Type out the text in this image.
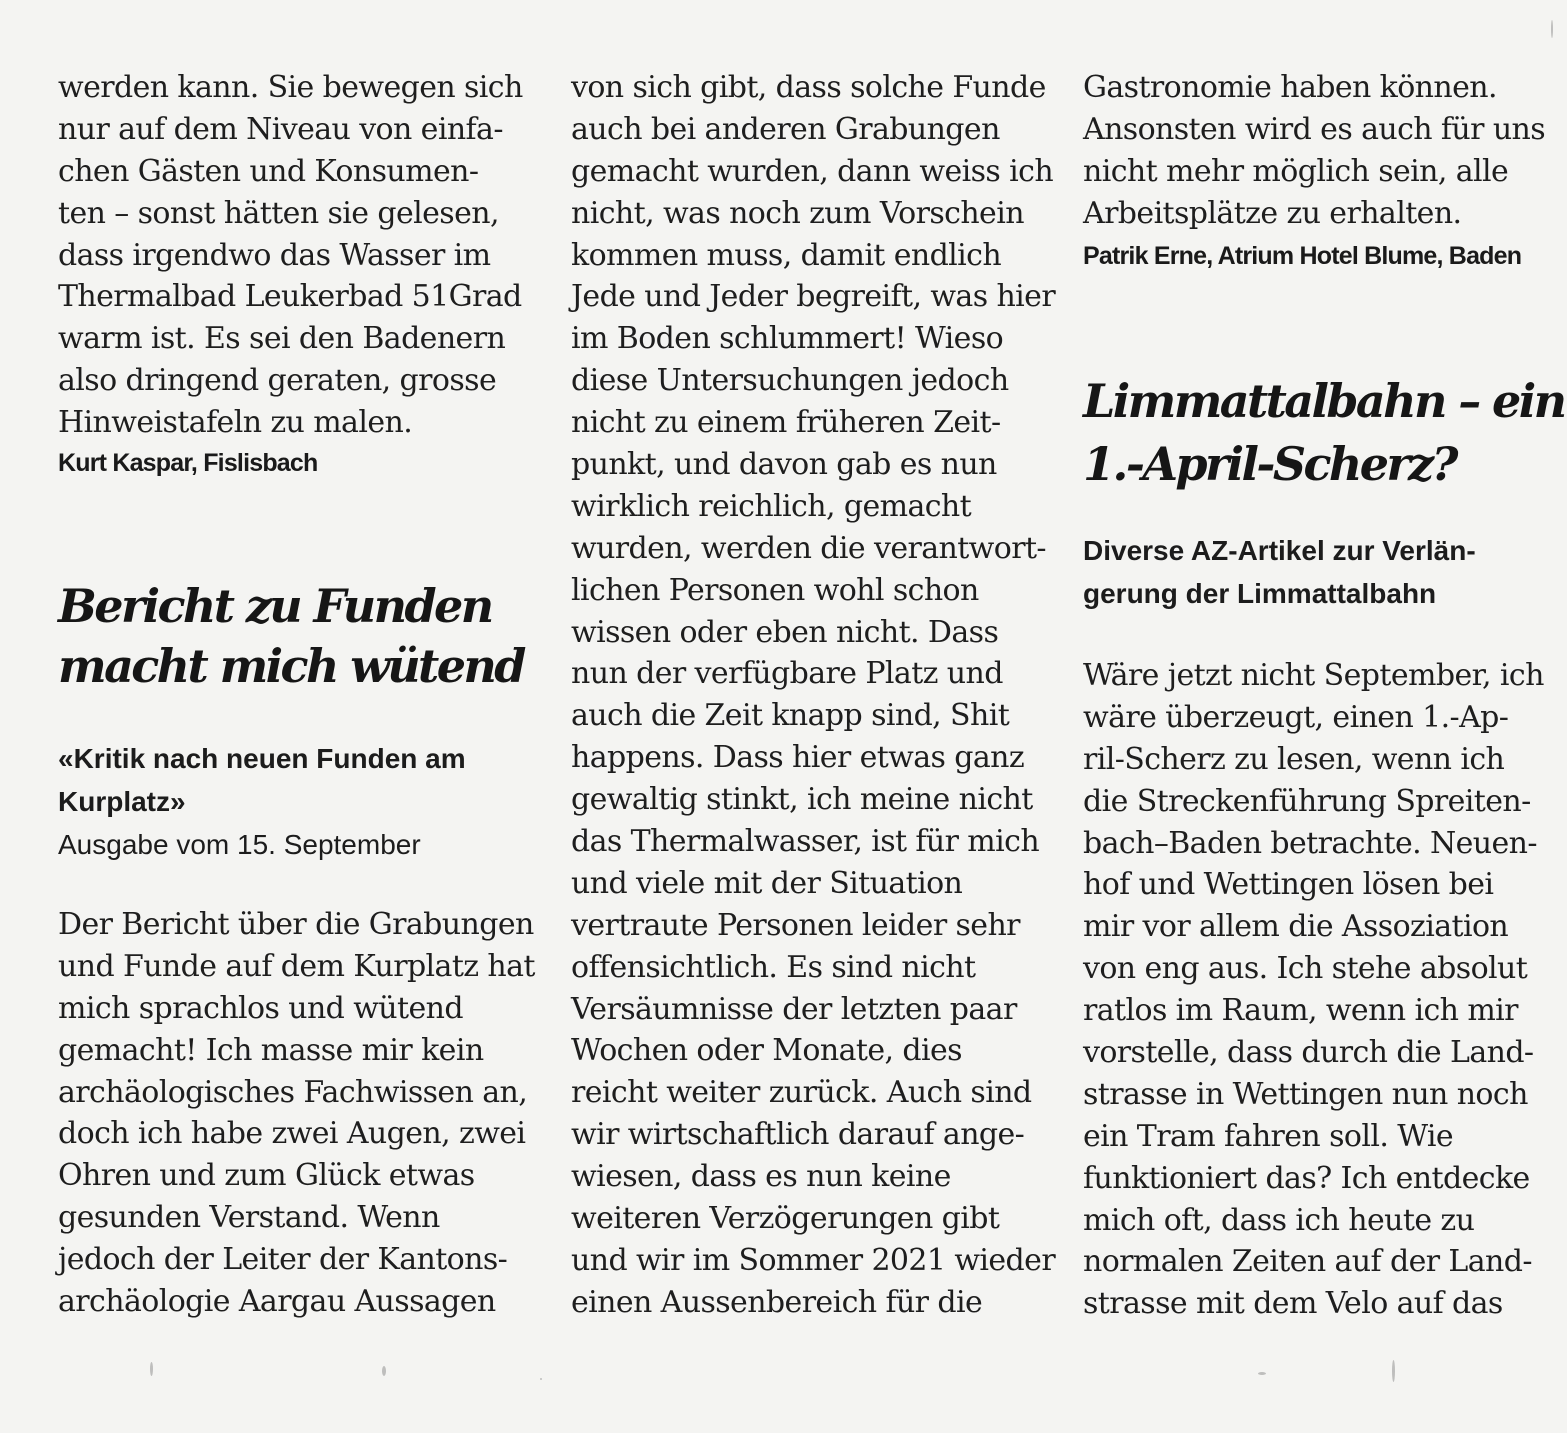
werden kann. Sie bewegen sich
nur auf dem Niveau von einfa-
chen Gästen und Konsumen-
ten – sonst hätten sie gelesen,
dass irgendwo das Wasser im
Thermalbad Leukerbad 51Grad
warm ist. Es sei den Badenern
also dringend geraten, grosse
Hinweistafeln zu malen.
Kurt Kaspar, Fislisbach
Bericht zu Funden
macht mich wütend
«Kritik nach neuen Funden am
Kurplatz»
Ausgabe vom 15. September
Der Bericht über die Grabungen
und Funde auf dem Kurplatz hat
mich sprachlos und wütend
gemacht! Ich masse mir kein
archäologisches Fachwissen an,
doch ich habe zwei Augen, zwei
Ohren und zum Glück etwas
gesunden Verstand. Wenn
jedoch der Leiter der Kantons-
archäologie Aargau Aussagen
von sich gibt, dass solche Funde
auch bei anderen Grabungen
gemacht wurden, dann weiss ich
nicht, was noch zum Vorschein
kommen muss, damit endlich
Jede und Jeder begreift, was hier
im Boden schlummert! Wieso
diese Untersuchungen jedoch
nicht zu einem früheren Zeit-
punkt, und davon gab es nun
wirklich reichlich, gemacht
wurden, werden die verantwort-
lichen Personen wohl schon
wissen oder eben nicht. Dass
nun der verfügbare Platz und
auch die Zeit knapp sind, Shit
happens. Dass hier etwas ganz
gewaltig stinkt, ich meine nicht
das Thermalwasser, ist für mich
und viele mit der Situation
vertraute Personen leider sehr
offensichtlich. Es sind nicht
Versäumnisse der letzten paar
Wochen oder Monate, dies
reicht weiter zurück. Auch sind
wir wirtschaftlich darauf ange-
wiesen, dass es nun keine
weiteren Verzögerungen gibt
und wir im Sommer 2021 wieder
einen Aussenbereich für die
Gastronomie haben können.
Ansonsten wird es auch für uns
nicht mehr möglich sein, alle
Arbeitsplätze zu erhalten.
Patrik Erne, Atrium Hotel Blume, Baden
Limmattalbahn – ein
1.-April-Scherz?
Diverse AZ-Artikel zur Verlän-
gerung der Limmattalbahn
Wäre jetzt nicht September, ich
wäre überzeugt, einen 1.-Ap-
ril-Scherz zu lesen, wenn ich
die Streckenführung Spreiten-
bach–Baden betrachte. Neuen-
hof und Wettingen lösen bei
mir vor allem die Assoziation
von eng aus. Ich stehe absolut
ratlos im Raum, wenn ich mir
vorstelle, dass durch die Land-
strasse in Wettingen nun noch
ein Tram fahren soll. Wie
funktioniert das? Ich entdecke
mich oft, dass ich heute zu
normalen Zeiten auf der Land-
strasse mit dem Velo auf das
